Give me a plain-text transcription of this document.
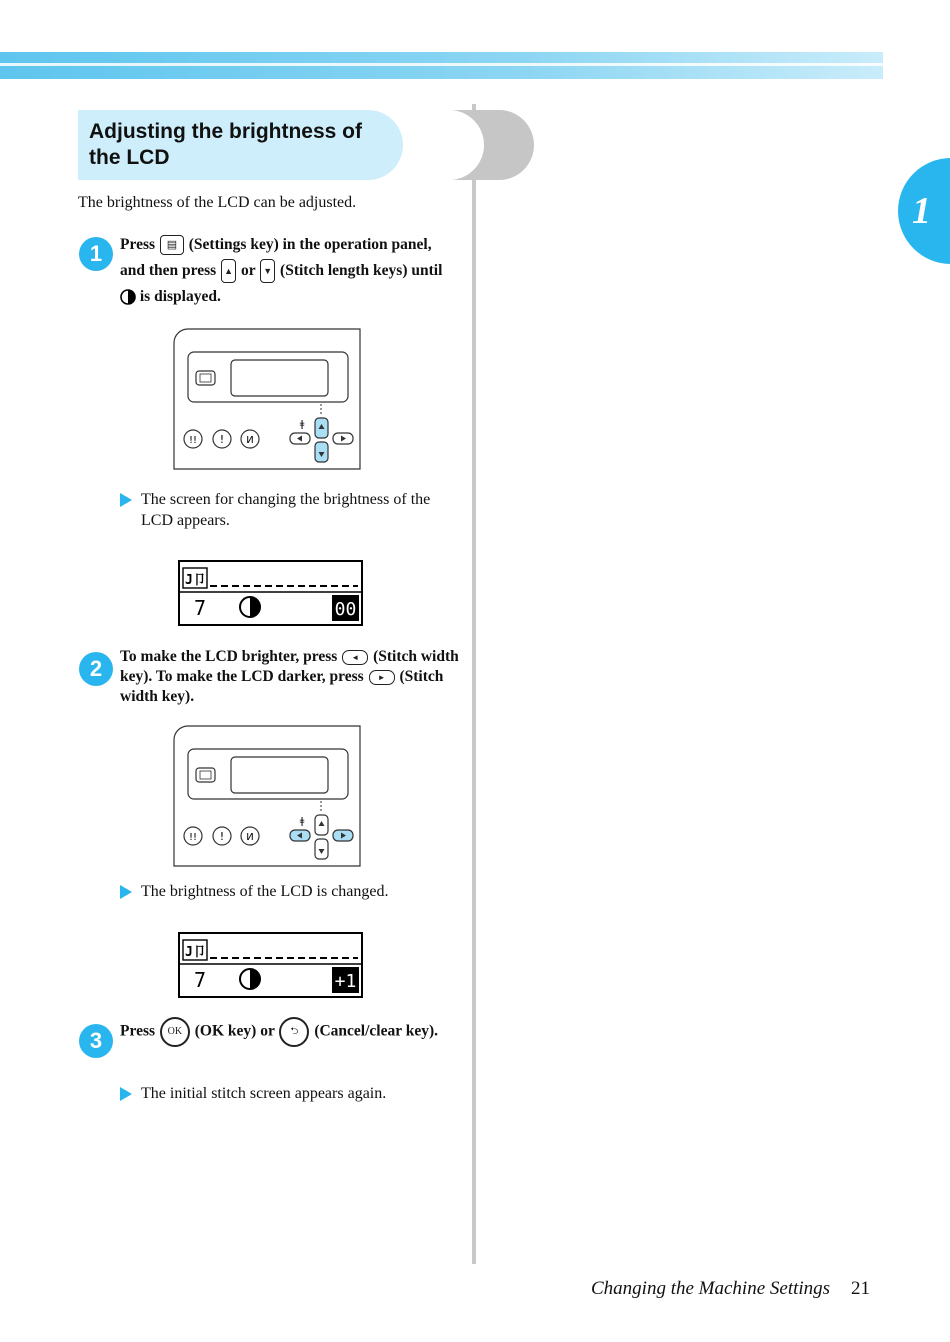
1
Adjusting the brightness of the LCD
The brightness of the LCD can be adjusted.
1	Press ▤ (Settings key) in the operation panel, and then press ▲ or ▼ (Stitch length keys) until  is displayed.
!! ! И
ǂ
The screen for changing the brightness of the LCD appears.
J卩
7	00
2	To make the LCD brighter, press ◄ (Stitch width key). To make the LCD darker, press ► (Stitch width key).
!! ! И
ǂ
The brightness of the LCD is changed.
J卩
7	+1
3	Press OK (OK key) or ⮌ (Cancel/clear key).
The initial stitch screen appears again.
Changing the Machine Settings 21
